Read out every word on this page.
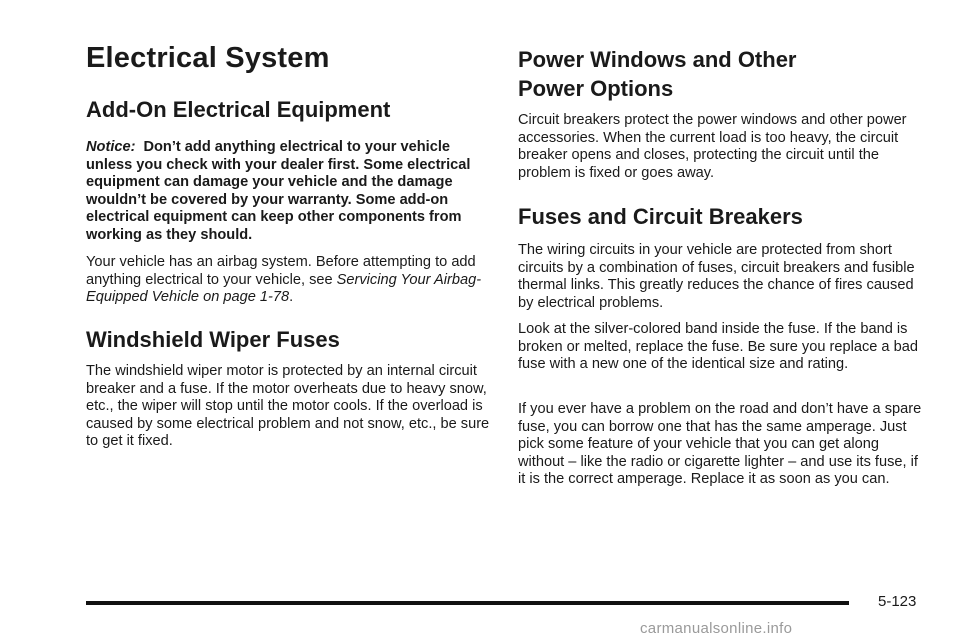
Electrical System
Add-On Electrical Equipment

Notice: Don’t add anything electrical to your vehicle unless you check with your dealer first. Some electrical equipment can damage your vehicle and the damage wouldn’t be covered by your warranty. Some add-on electrical equipment can keep other components from working as they should.

Your vehicle has an airbag system. Before attempting to add anything electrical to your vehicle, see Servicing Your Airbag-Equipped Vehicle on page 1-78.

Windshield Wiper Fuses

The windshield wiper motor is protected by an internal circuit breaker and a fuse. If the motor overheats due to heavy snow, etc., the wiper will stop until the motor cools. If the overload is caused by some electrical problem and not snow, etc., be sure to get it fixed.

Power Windows and Other
Power Options

Circuit breakers protect the power windows and other power accessories. When the current load is too heavy, the circuit breaker opens and closes, protecting the circuit until the problem is fixed or goes away.

Fuses and Circuit Breakers

The wiring circuits in your vehicle are protected from short circuits by a combination of fuses, circuit breakers and fusible thermal links. This greatly reduces the chance of fires caused by electrical problems.

Look at the silver-colored band inside the fuse. If the band is broken or melted, replace the fuse. Be sure you replace a bad fuse with a new one of the identical size and rating.

If you ever have a problem on the road and don’t have a spare fuse, you can borrow one that has the same amperage. Just pick some feature of your vehicle that you can get along without – like the radio or cigarette lighter – and use its fuse, if it is the correct amperage. Replace it as soon as you can.

5-123
carmanualsonline.info
